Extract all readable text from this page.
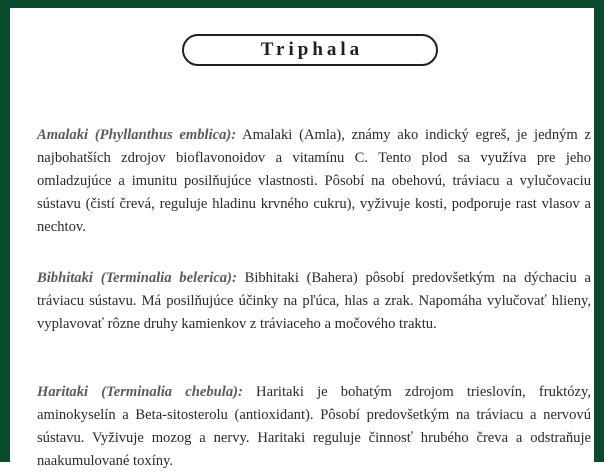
Triphala

Amalaki (Phyllanthus emblica): Amalaki (Amla), známy ako indický egreš, je jedným z najbohatších zdrojov bioflavonoidov a vitamínu C. Tento plod sa využíva pre jeho omladzujúce a imunitu posilňujúce vlastnosti. Pôsobí na obehovú, tráviacu a vylučovaciu sústavu (čistí črevá, reguluje hladinu krvného cukru), vyživuje kosti, podporuje rast vlasov a nechtov.

Bibhitaki (Terminalia belerica): Bibhitaki (Bahera) pôsobí predovšetkým na dýchaciu a tráviacu sústavu. Má posilňujúce účinky na pľúca, hlas a zrak. Napomáha vylučovať hlieny, vyplavovať rôzne druhy kamienkov z tráviaceho a močového traktu.

Haritaki (Terminalia chebula): Haritaki je bohatým zdrojom trieslovín, fruktózy, aminokyselín a Beta-sitosterolu (antioxidant). Pôsobí predovšetkým na tráviacu a nervovú sústavu. Vyživuje mozog a nervy. Haritaki reguluje činnosť hrubého čreva a odstraňuje naakumulované toxíny.
